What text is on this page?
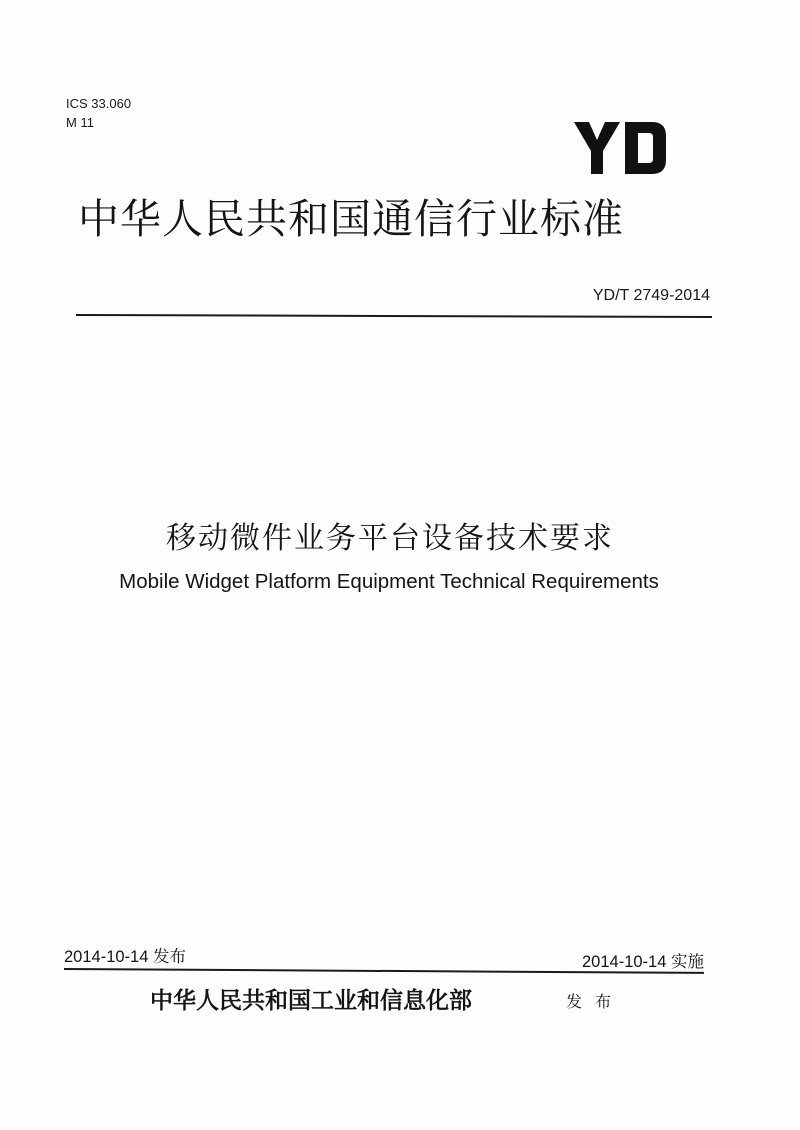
ICS 33.060
M 11
中华人民共和国通信行业标准
YD/T 2749-2014
移动微件业务平台设备技术要求
Mobile Widget Platform Equipment Technical Requirements
2014-10-14 发布	2014-10-14 实施
中华人民共和国工业和信息化部	发 布
